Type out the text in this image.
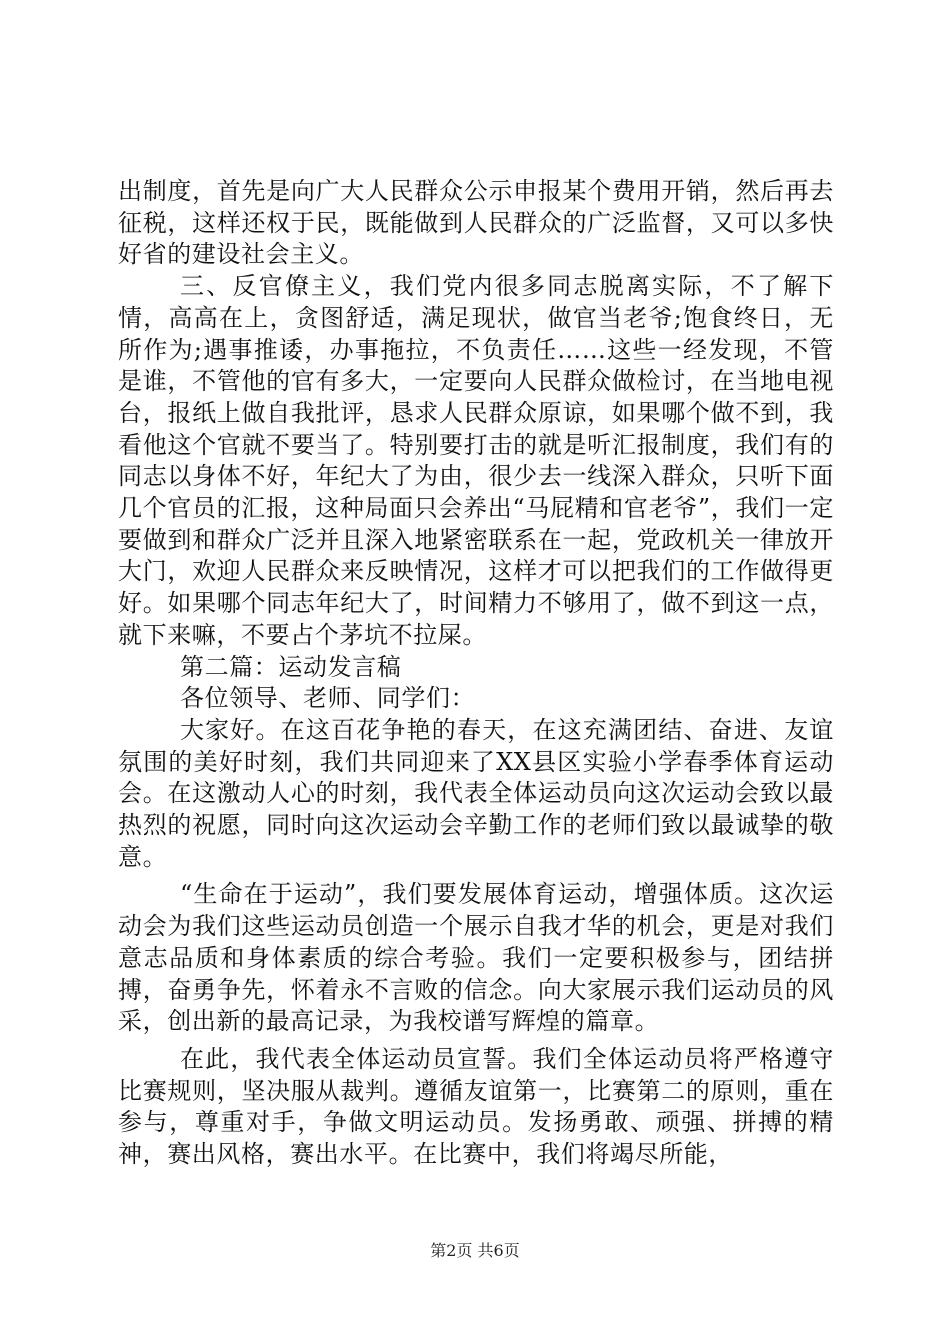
出制度，首先是向广大人民群众公示申报某个费用开销，然后再去征税，这样还权于民，既能做到人民群众的广泛监督，又可以多快好省的建设社会主义。

三、反官僚主义，我们党内很多同志脱离实际，不了解下情，高高在上，贪图舒适，满足现状，做官当老爷;饱食终日，无所作为;遇事推诿，办事拖拉，不负责任……这些一经发现，不管是谁，不管他的官有多大，一定要向人民群众做检讨，在当地电视台，报纸上做自我批评，恳求人民群众原谅，如果哪个做不到，我看他这个官就不要当了。特别要打击的就是听汇报制度，我们有的同志以身体不好，年纪大了为由，很少去一线深入群众，只听下面几个官员的汇报，这种局面只会养出“马屁精和官老爷”，我们一定要做到和群众广泛并且深入地紧密联系在一起，党政机关一律放开大门，欢迎人民群众来反映情况，这样才可以把我们的工作做得更好。如果哪个同志年纪大了，时间精力不够用了，做不到这一点，就下来嘛，不要占个茅坑不拉屎。

第二篇：运动发言稿

各位领导、老师、同学们：

大家好。在这百花争艳的春天，在这充满团结、奋进、友谊氛围的美好时刻，我们共同迎来了XX县区实验小学春季体育运动会。在这激动人心的时刻，我代表全体运动员向这次运动会致以最热烈的祝愿，同时向这次运动会辛勤工作的老师们致以最诚挚的敬意。

“生命在于运动”，我们要发展体育运动，增强体质。这次运动会为我们这些运动员创造一个展示自我才华的机会，更是对我们意志品质和身体素质的综合考验。我们一定要积极参与，团结拼搏，奋勇争先，怀着永不言败的信念。向大家展示我们运动员的风采，创出新的最高记录，为我校谱写辉煌的篇章。

在此，我代表全体运动员宣誓。我们全体运动员将严格遵守比赛规则，坚决服从裁判。遵循友谊第一，比赛第二的原则，重在参与，尊重对手，争做文明运动员。发扬勇敢、顽强、拼搏的精神，赛出风格，赛出水平。在比赛中，我们将竭尽所能，

第2页 共6页
